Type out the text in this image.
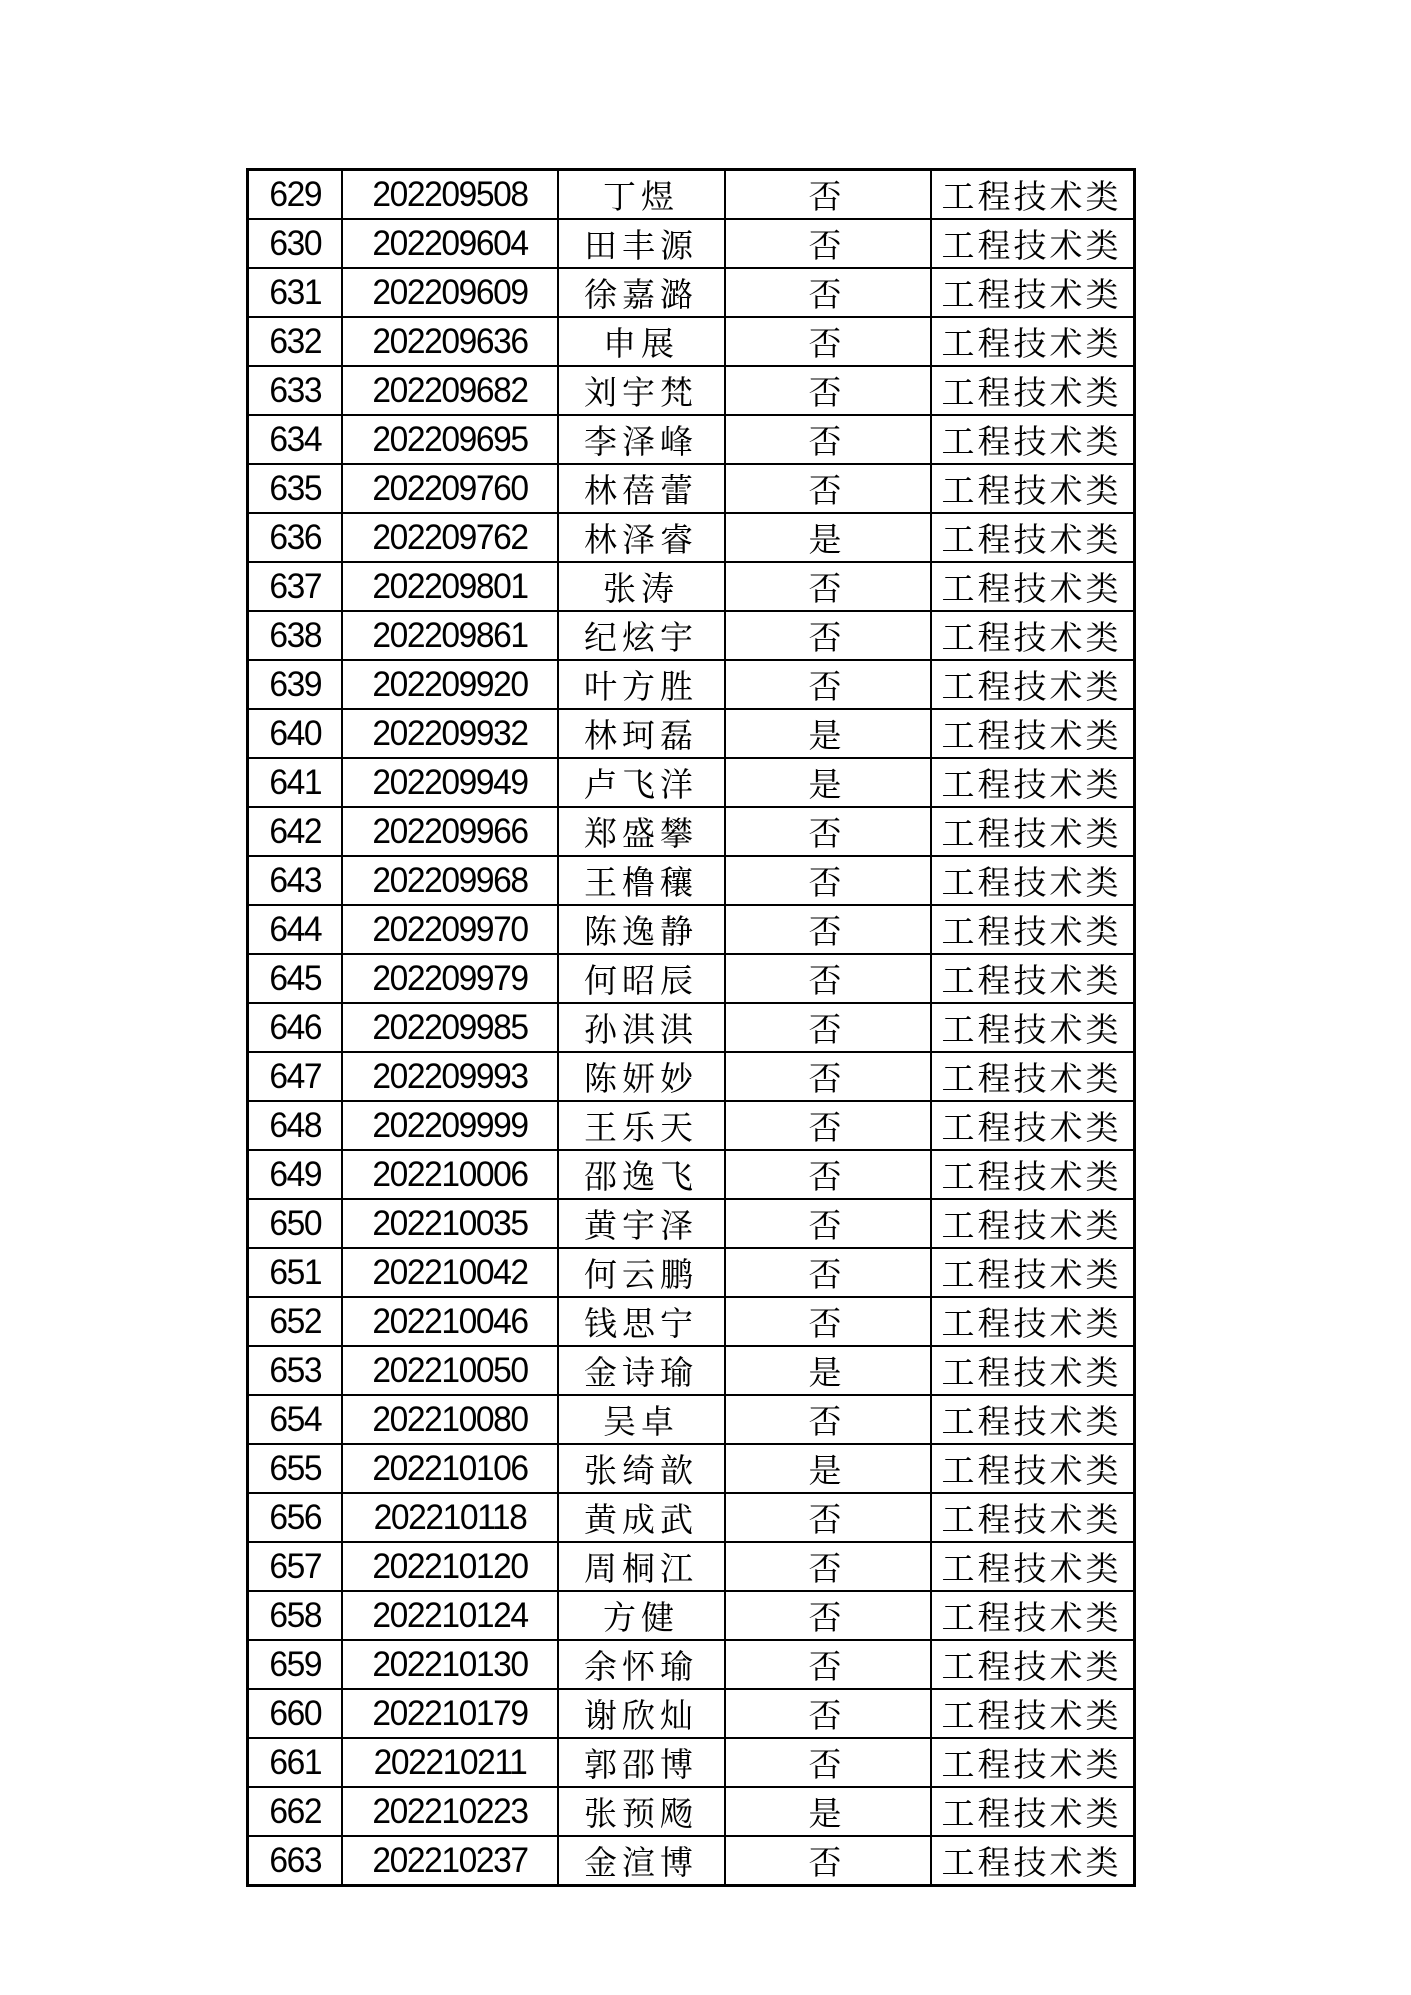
629	202209508	丁煜	否	工程技术类
630	202209604	田丰源	否	工程技术类
631	202209609	徐嘉潞	否	工程技术类
632	202209636	申展	否	工程技术类
633	202209682	刘宇梵	否	工程技术类
634	202209695	李泽峰	否	工程技术类
635	202209760	林蓓蕾	否	工程技术类
636	202209762	林泽睿	是	工程技术类
637	202209801	张涛	否	工程技术类
638	202209861	纪炫宇	否	工程技术类
639	202209920	叶方胜	否	工程技术类
640	202209932	林珂磊	是	工程技术类
641	202209949	卢飞洋	是	工程技术类
642	202209966	郑盛攀	否	工程技术类
643	202209968	王橹穰	否	工程技术类
644	202209970	陈逸静	否	工程技术类
645	202209979	何昭辰	否	工程技术类
646	202209985	孙淇淇	否	工程技术类
647	202209993	陈妍妙	否	工程技术类
648	202209999	王乐天	否	工程技术类
649	202210006	邵逸飞	否	工程技术类
650	202210035	黄宇泽	否	工程技术类
651	202210042	何云鹏	否	工程技术类
652	202210046	钱思宁	否	工程技术类
653	202210050	金诗瑜	是	工程技术类
654	202210080	吴卓	否	工程技术类
655	202210106	张绮歆	是	工程技术类
656	202210118	黄成武	否	工程技术类
657	202210120	周桐江	否	工程技术类
658	202210124	方健	否	工程技术类
659	202210130	余怀瑜	否	工程技术类
660	202210179	谢欣灿	否	工程技术类
661	202210211	郭邵博	否	工程技术类
662	202210223	张预飏	是	工程技术类
663	202210237	金渲博	否	工程技术类
